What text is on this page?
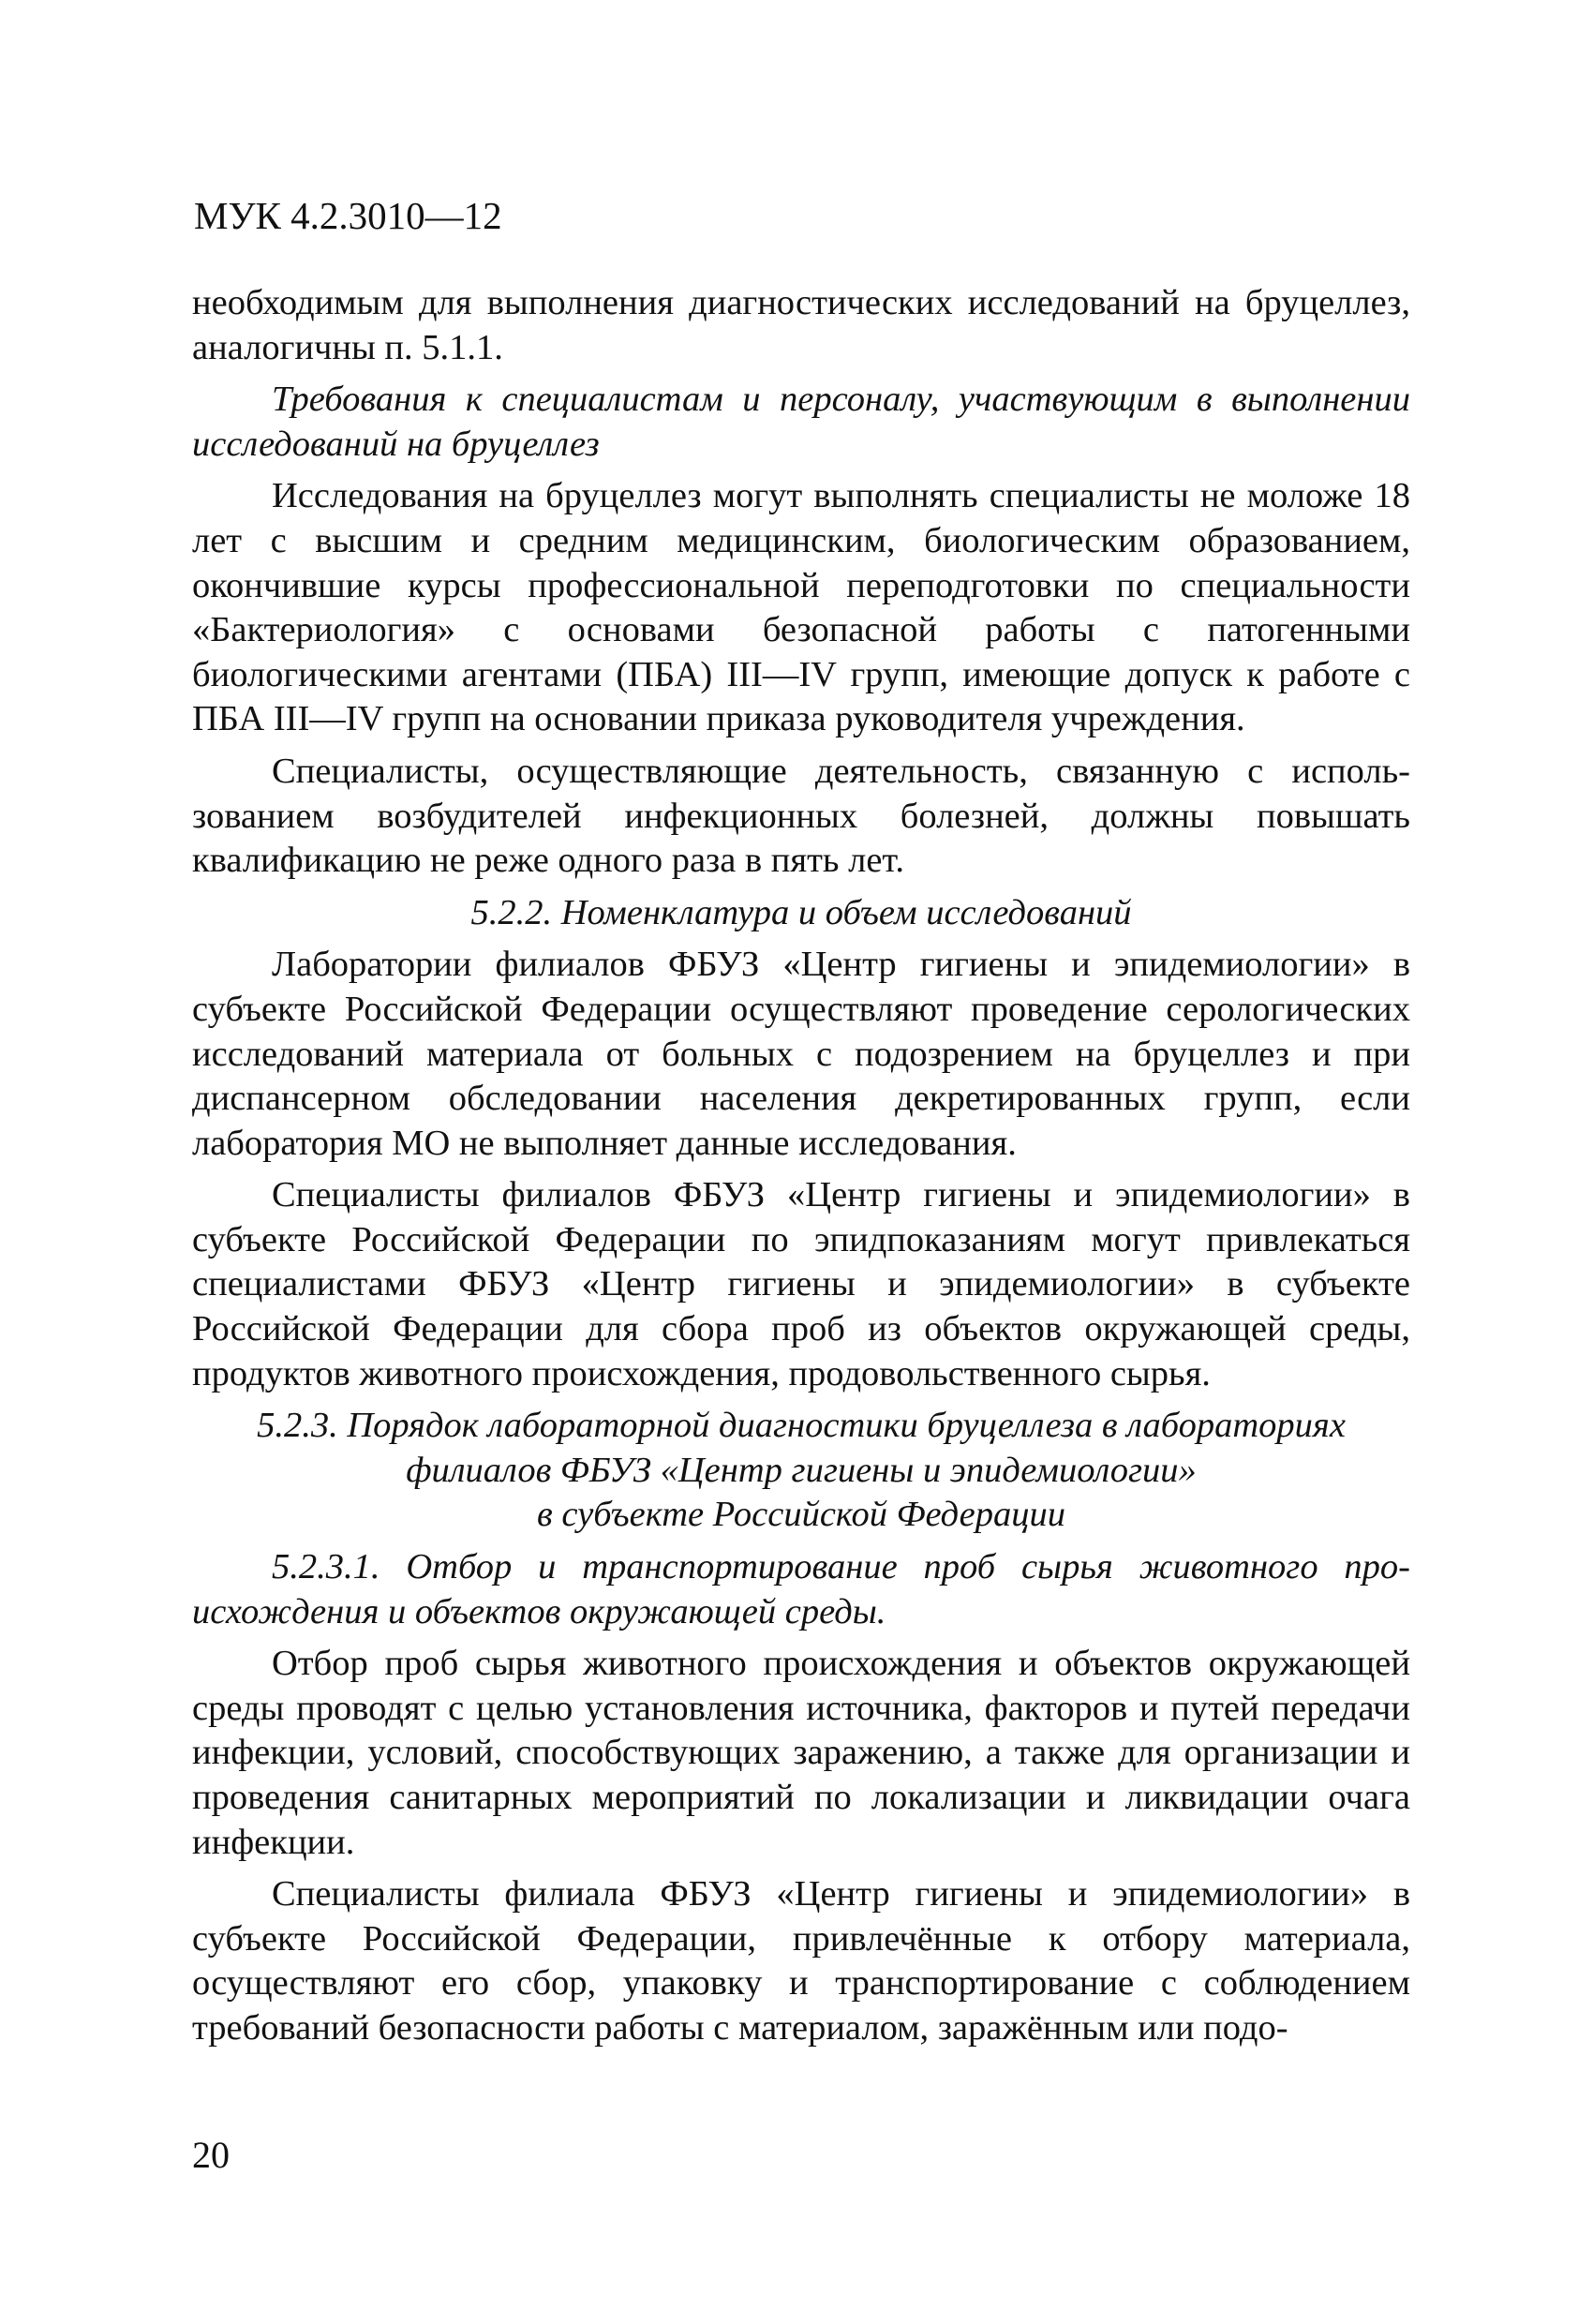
МУК 4.2.3010—12

необходимым для выполнения диагностических исследований на бруцеллез, аналогичны п. 5.1.1.

Требования к специалистам и персоналу, участвующим в выполнении исследований на бруцеллез

Исследования на бруцеллез могут выполнять специалисты не моложе 18 лет с высшим и средним медицинским, биологическим образованием, окончившие курсы профессиональной переподготовки по специальности «Бактериология» с основами безопасной работы с патогенными биологическими агентами (ПБА) III—IV групп, имеющие допуск к работе с ПБА III—IV групп на основании приказа руководителя учреждения.

Специалисты, осуществляющие деятельность, связанную с использованием возбудителей инфекционных болезней, должны повышать квалификацию не реже одного раза в пять лет.

5.2.2. Номенклатура и объем исследований

Лаборатории филиалов ФБУЗ «Центр гигиены и эпидемиологии» в субъекте Российской Федерации осуществляют проведение серологических исследований материала от больных с подозрением на бруцеллез и при диспансерном обследовании населения декретированных групп, если лаборатория МО не выполняет данные исследования.

Специалисты филиалов ФБУЗ «Центр гигиены и эпидемиологии» в субъекте Российской Федерации по эпидпоказаниям могут привлекаться специалистами ФБУЗ «Центр гигиены и эпидемиологии» в субъекте Российской Федерации для сбора проб из объектов окружающей среды, продуктов животного происхождения, продовольственного сырья.

5.2.3. Порядок лабораторной диагностики бруцеллеза в лабораториях

филиалов ФБУЗ «Центр гигиены и эпидемиологии»

в субъекте Российской Федерации

5.2.3.1. Отбор и транспортирование проб сырья животного происхождения и объектов окружающей среды.

Отбор проб сырья животного происхождения и объектов окружающей среды проводят с целью установления источника, факторов и путей передачи инфекции, условий, способствующих заражению, а также для организации и проведения санитарных мероприятий по локализации и ликвидации очага инфекции.

Специалисты филиала ФБУЗ «Центр гигиены и эпидемиологии» в субъекте Российской Федерации, привлечённые к отбору материала, осуществляют его сбор, упаковку и транспортирование с соблюдением требований безопасности работы с материалом, заражённым или подо-

20
